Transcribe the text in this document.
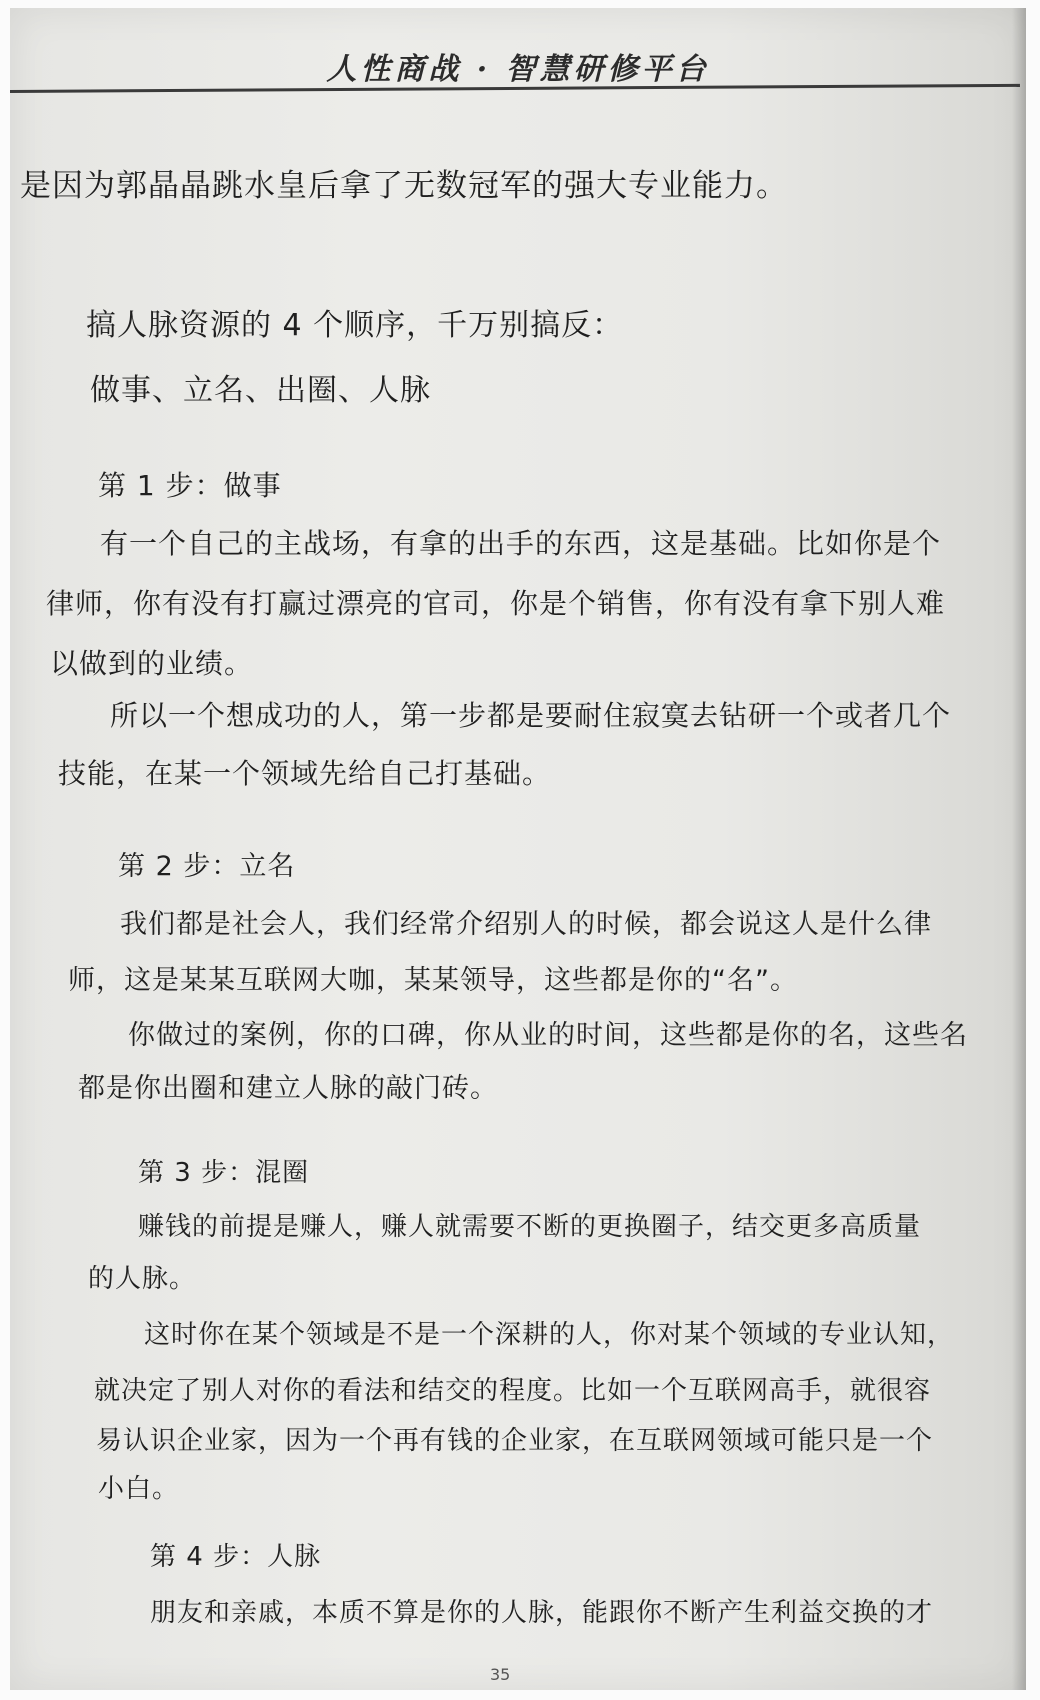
人性商战 · 智慧研修平台
是因为郭晶晶跳水皇后拿了无数冠军的强大专业能力。
搞人脉资源的 4 个顺序，千万别搞反：
做事、立名、出圈、人脉
第 1 步：做事
有一个自己的主战场，有拿的出手的东西，这是基础。比如你是个
律师，你有没有打赢过漂亮的官司，你是个销售，你有没有拿下别人难
以做到的业绩。
所以一个想成功的人，第一步都是要耐住寂寞去钻研一个或者几个
技能，在某一个领域先给自己打基础。
第 2 步：立名
我们都是社会人，我们经常介绍别人的时候，都会说这人是什么律
师，这是某某互联网大咖，某某领导，这些都是你的“名”。
你做过的案例，你的口碑，你从业的时间，这些都是你的名，这些名
都是你出圈和建立人脉的敲门砖。
第 3 步：混圈
赚钱的前提是赚人，赚人就需要不断的更换圈子，结交更多高质量
的人脉。
这时你在某个领域是不是一个深耕的人，你对某个领域的专业认知，
就决定了别人对你的看法和结交的程度。比如一个互联网高手，就很容
易认识企业家，因为一个再有钱的企业家，在互联网领域可能只是一个
小白。
第 4 步：人脉
朋友和亲戚，本质不算是你的人脉，能跟你不断产生利益交换的才
35
